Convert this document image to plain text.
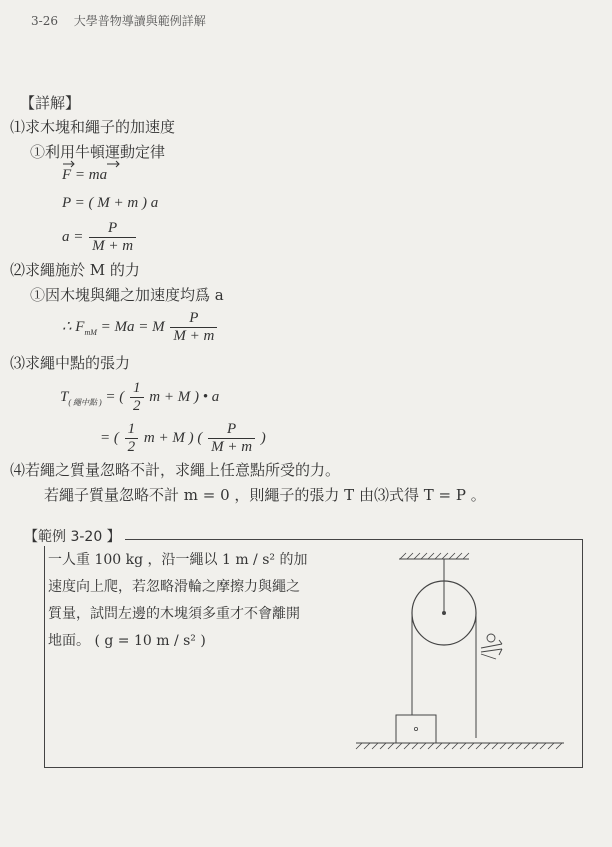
3-26 大學普物導讀與範例詳解
【詳解】
⑴求木塊和繩子的加速度
①利用牛頓運動定律
F = ma
P = ( M + m ) a
$a = \frac{P}{M + m}$
⑵求繩施於 M 的力
①因木塊與繩之加速度均爲 a
∴ $F_{mM} = Ma = M \frac{P}{M + m}$
⑶求繩中點的張力
$T_{( 繩中點 )}$ = ( $\frac{1}{2}$ m + M ) • a
= ( $\frac{1}{2}$ m + M ) ( $\frac{P}{M + m}$ )
⑷若繩之質量忽略不計，求繩上任意點所受的力。
若繩子質量忽略不計 m = 0 ，則繩子的張力 T 由⑶式得 T = P 。
【範例 3-20 】

一人重 100 kg ，沿一繩以 1 m / s² 的加

速度向上爬，若忽略滑輪之摩擦力與繩之

質量，試問左邊的木塊須多重才不會離開

地面。 ( g = 10 m / s² )
